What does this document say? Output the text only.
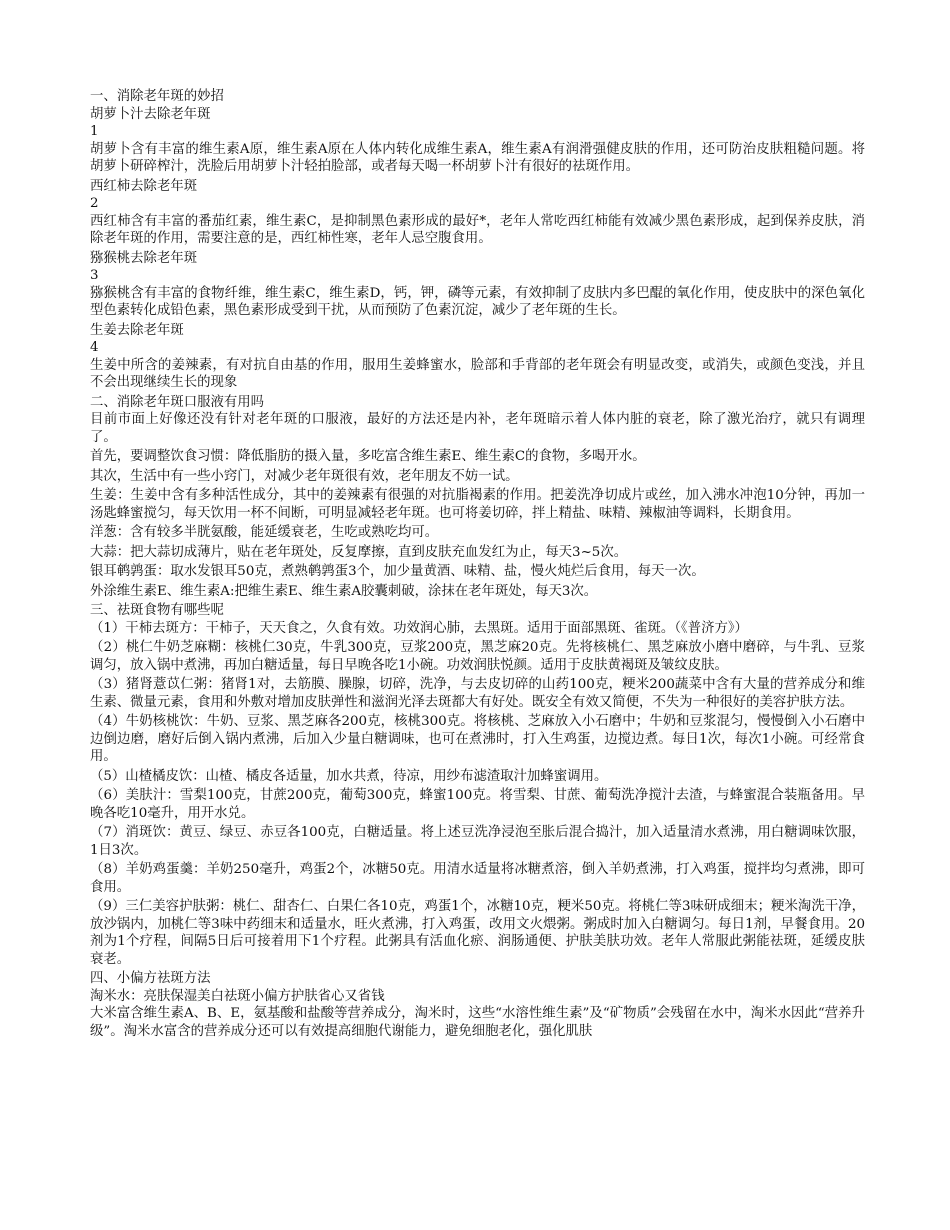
一、消除老年斑的妙招

胡萝卜汁去除老年斑

1

胡萝卜含有丰富的维生素A原，维生素A原在人体内转化成维生素A，维生素A有润滑强健皮肤的作用，还可防治皮肤粗糙问题。将胡萝卜研碎榨汁，洗脸后用胡萝卜汁轻拍脸部，或者每天喝一杯胡萝卜汁有很好的祛斑作用。

西红柿去除老年斑

2

西红柿含有丰富的番茄红素，维生素C，是抑制黑色素形成的最好*，老年人常吃西红柿能有效减少黑色素形成，起到保养皮肤，消除老年斑的作用，需要注意的是，西红柿性寒，老年人忌空腹食用。

猕猴桃去除老年斑

3

猕猴桃含有丰富的食物纤维，维生素C，维生素D，钙，钾，磷等元素，有效抑制了皮肤内多巴醌的氧化作用，使皮肤中的深色氧化型色素转化成铅色素，黑色素形成受到干扰，从而预防了色素沉淀，减少了老年斑的生长。

生姜去除老年斑

4

生姜中所含的姜辣素，有对抗自由基的作用，服用生姜蜂蜜水，脸部和手背部的老年斑会有明显改变，或消失，或颜色变浅，并且不会出现继续生长的现象

二、消除老年斑口服液有用吗

目前市面上好像还没有针对老年斑的口服液，最好的方法还是内补，老年斑暗示着人体内脏的衰老，除了激光治疗，就只有调理了。

首先，要调整饮食习惯：降低脂肪的摄入量，多吃富含维生素E、维生素C的食物，多喝开水。

其次，生活中有一些小窍门，对减少老年斑很有效，老年朋友不妨一试。

生姜：生姜中含有多种活性成分，其中的姜辣素有很强的对抗脂褐素的作用。把姜洗净切成片或丝，加入沸水冲泡10分钟，再加一汤匙蜂蜜搅匀，每天饮用一杯不间断，可明显减轻老年斑。也可将姜切碎，拌上精盐、味精、辣椒油等调料，长期食用。

洋葱：含有较多半胱氨酸，能延缓衰老，生吃或熟吃均可。

大蒜：把大蒜切成薄片，贴在老年斑处，反复摩擦，直到皮肤充血发红为止，每天3~5次。

银耳鹌鹑蛋：取水发银耳50克，煮熟鹌鹑蛋3个，加少量黄酒、味精、盐，慢火炖烂后食用，每天一次。

外涂维生素E、维生素A:把维生素E、维生素A胶囊刺破，涂抹在老年斑处，每天3次。

三、祛斑食物有哪些呢

（1）干柿去斑方：干柿子，天天食之，久食有效。功效润心肺，去黑斑。适用于面部黑斑、雀斑。（《普济方》）

（2）桃仁牛奶芝麻糊：核桃仁30克，牛乳300克，豆浆200克，黑芝麻20克。先将核桃仁、黑芝麻放小磨中磨碎，与牛乳、豆浆调匀，放入锅中煮沸，再加白糖适量，每日早晚各吃1小碗。功效润肤悦颜。适用于皮肤黄褐斑及皱纹皮肤。

（3）猪肾薏苡仁粥：猪肾1对，去筋膜、臊腺，切碎，洗净，与去皮切碎的山药100克，粳米200蔬菜中含有大量的营养成分和维生素、微量元素，食用和外敷对增加皮肤弹性和滋润光泽去斑都大有好处。既安全有效又简便，不失为一种很好的美容护肤方法。

（4）牛奶核桃饮：牛奶、豆浆、黑芝麻各200克，核桃300克。将核桃、芝麻放入小石磨中；牛奶和豆浆混匀，慢慢倒入小石磨中边倒边磨，磨好后倒入锅内煮沸，后加入少量白糖调味，也可在煮沸时，打入生鸡蛋，边搅边煮。每日1次，每次1小碗。可经常食用。

（5）山楂橘皮饮：山楂、橘皮各适量，加水共煮，待凉，用纱布滤渣取汁加蜂蜜调用。

（6）美肤汁：雪梨100克，甘蔗200克，葡萄300克，蜂蜜100克。将雪梨、甘蔗、葡萄洗净搅汁去渣，与蜂蜜混合装瓶备用。早晚各吃10毫升，用开水兑。

（7）消斑饮：黄豆、绿豆、赤豆各100克，白糖适量。将上述豆洗净浸泡至胀后混合捣汁，加入适量清水煮沸，用白糖调味饮服，1日3次。

（8）羊奶鸡蛋羹：羊奶250毫升，鸡蛋2个，冰糖50克。用清水适量将冰糖煮溶，倒入羊奶煮沸，打入鸡蛋，搅拌均匀煮沸，即可食用。

（9）三仁美容护肤粥：桃仁、甜杏仁、白果仁各10克，鸡蛋1个，冰糖10克，粳米50克。将桃仁等3味研成细末；粳米淘洗干净，放沙锅内，加桃仁等3味中药细末和适量水，旺火煮沸，打入鸡蛋，改用文火煨粥。粥成时加入白糖调匀。每日1剂，早餐食用。20剂为1个疗程，间隔5日后可接着用下1个疗程。此粥具有活血化瘀、润肠通便、护肤美肤功效。老年人常服此粥能祛斑，延缓皮肤衰老。

四、小偏方祛斑方法

淘米水：亮肤保湿美白祛斑小偏方护肤省心又省钱

大米富含维生素A、B、E，氨基酸和盐酸等营养成分，淘米时，这些“水溶性维生素”及“矿物质”会残留在水中，淘米水因此“营养升级”。淘米水富含的营养成分还可以有效提高细胞代谢能力，避免细胞老化，强化肌肤
